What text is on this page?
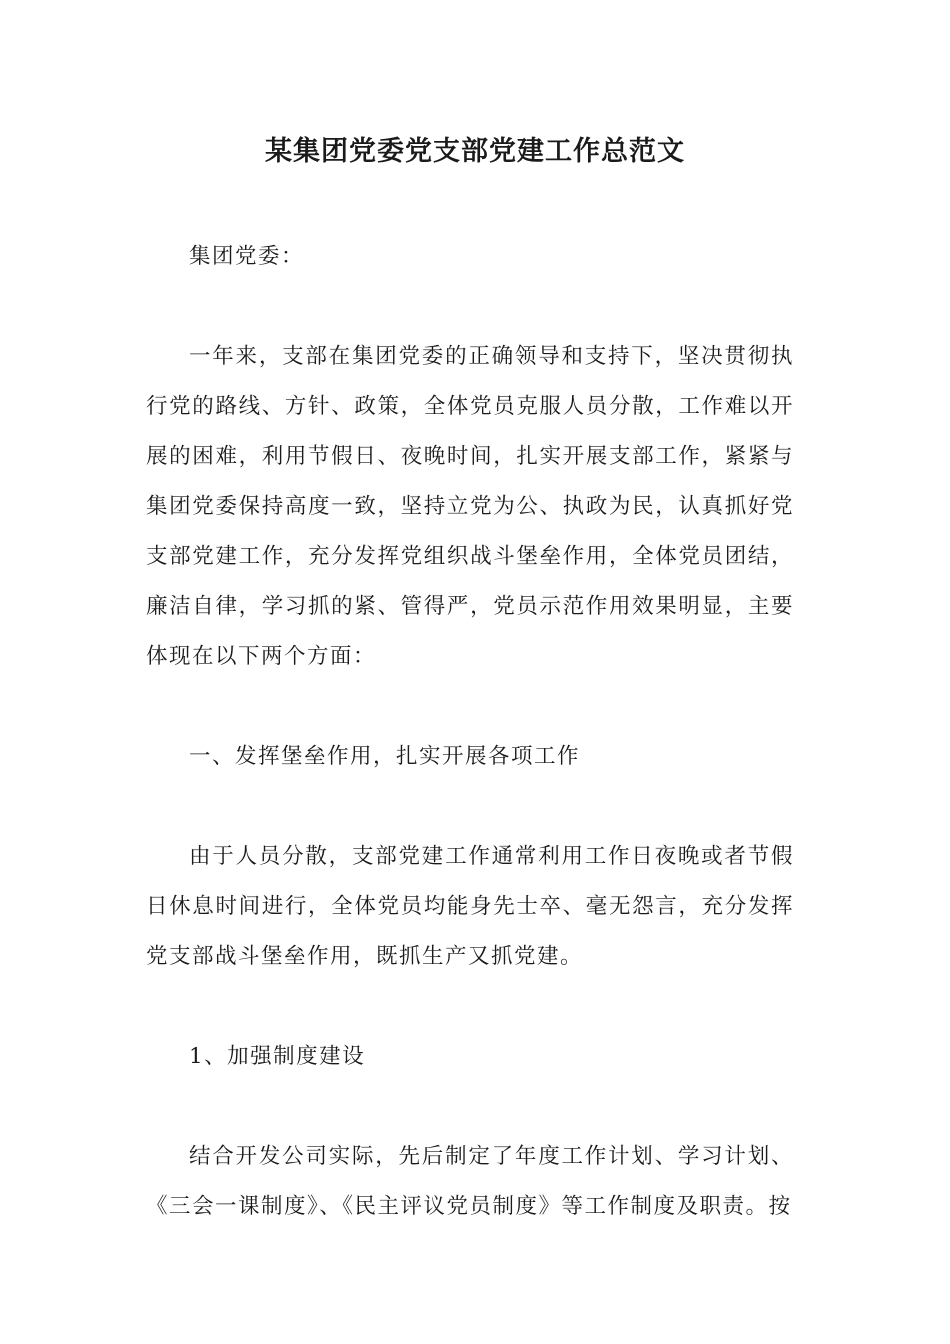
某集团党委党支部党建工作总范文

集团党委：

一年来，支部在集团党委的正确领导和支持下，坚决贯彻执行党的路线、方针、政策，全体党员克服人员分散，工作难以开展的困难，利用节假日、夜晚时间，扎实开展支部工作，紧紧与集团党委保持高度一致，坚持立党为公、执政为民，认真抓好党支部党建工作，充分发挥党组织战斗堡垒作用，全体党员团结，廉洁自律，学习抓的紧、管得严，党员示范作用效果明显，主要体现在以下两个方面：

一、发挥堡垒作用，扎实开展各项工作

由于人员分散，支部党建工作通常利用工作日夜晚或者节假日休息时间进行，全体党员均能身先士卒、毫无怨言，充分发挥党支部战斗堡垒作用，既抓生产又抓党建。

1、加强制度建设

结合开发公司实际，先后制定了年度工作计划、学习计划、《三会一课制度》、《民主评议党员制度》等工作制度及职责。按
